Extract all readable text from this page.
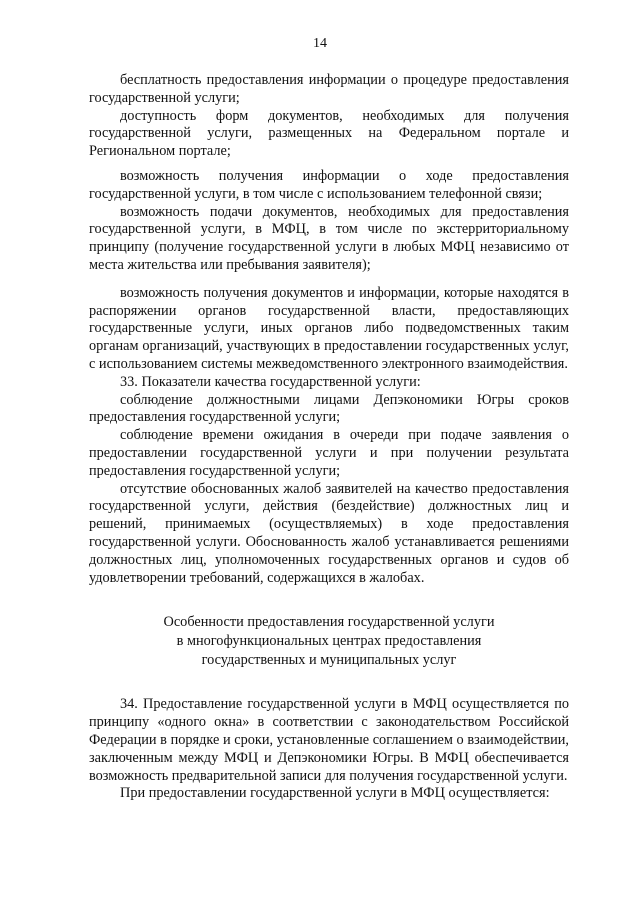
14

бесплатность предоставления информации о процедуре предоставления государственной услуги;

доступность форм документов, необходимых для получения государственной услуги, размещенных на Федеральном портале и Региональном портале;

возможность получения информации о ходе предоставления государственной услуги, в том числе с использованием телефонной связи;

возможность подачи документов, необходимых для предоставления государственной услуги, в МФЦ, в том числе по экстерриториальному принципу (получение государственной услуги в любых МФЦ независимо от места жительства или пребывания заявителя);

возможность получения документов и информации, которые находятся в распоряжении органов государственной власти, предоставляющих государственные услуги, иных органов либо подведомственных таким органам организаций, участвующих в предоставлении государственных услуг, с использованием системы межведомственного электронного взаимодействия.

33. Показатели качества государственной услуги:

соблюдение должностными лицами Депэкономики Югры сроков предоставления государственной услуги;

соблюдение времени ожидания в очереди при подаче заявления о предоставлении государственной услуги и при получении результата предоставления государственной услуги;

отсутствие обоснованных жалоб заявителей на качество предоставления государственной услуги, действия (бездействие) должностных лиц и решений, принимаемых (осуществляемых) в ходе предоставления государственной услуги. Обоснованность жалоб устанавливается решениями должностных лиц, уполномоченных государственных органов и судов об удовлетворении требований, содержащихся в жалобах.

Особенности предоставления государственной услуги
в многофункциональных центрах предоставления
государственных и муниципальных услуг

34. Предоставление государственной услуги в МФЦ осуществляется по принципу «одного окна» в соответствии с законодательством Российской Федерации в порядке и сроки, установленные соглашением о взаимодействии, заключенным между МФЦ и Депэкономики Югры. В МФЦ обеспечивается возможность предварительной записи для получения государственной услуги.

При предоставлении государственной услуги в МФЦ осуществляется:
